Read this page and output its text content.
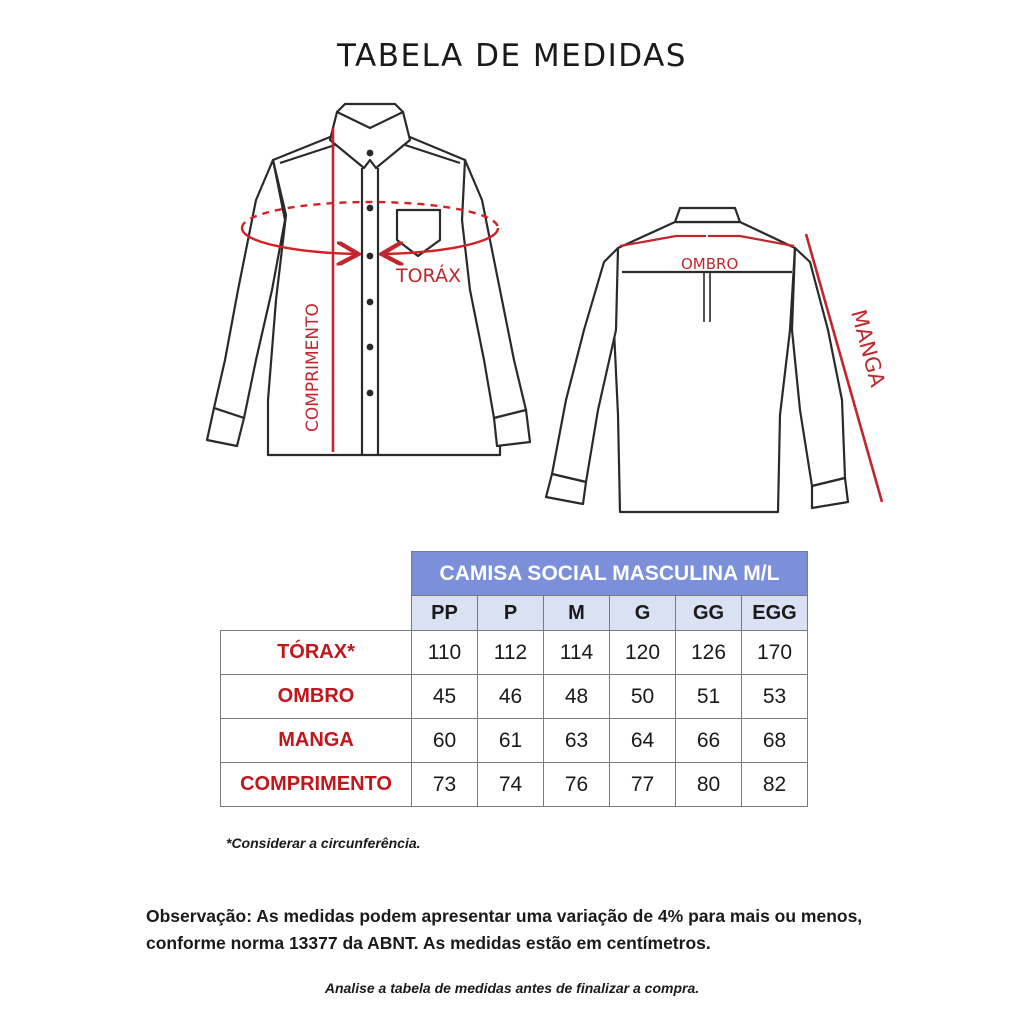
TABELA DE MEDIDAS
TORÁX
COMPRIMENTO
OMBRO
MANGA
	CAMISA SOCIAL MASCULINA M/L					
	PP	P	M	G	GG	EGG
TÓRAX*	110	112	114	120	126	170
OMBRO	45	46	48	50	51	53
MANGA	60	61	63	64	66	68
COMPRIMENTO	73	74	76	77	80	82
*Considerar a circunferência.
Observação: As medidas podem apresentar uma variação de 4% para mais ou menos, conforme norma 13377 da ABNT. As medidas estão em centímetros.
Analise a tabela de medidas antes de finalizar a compra.
